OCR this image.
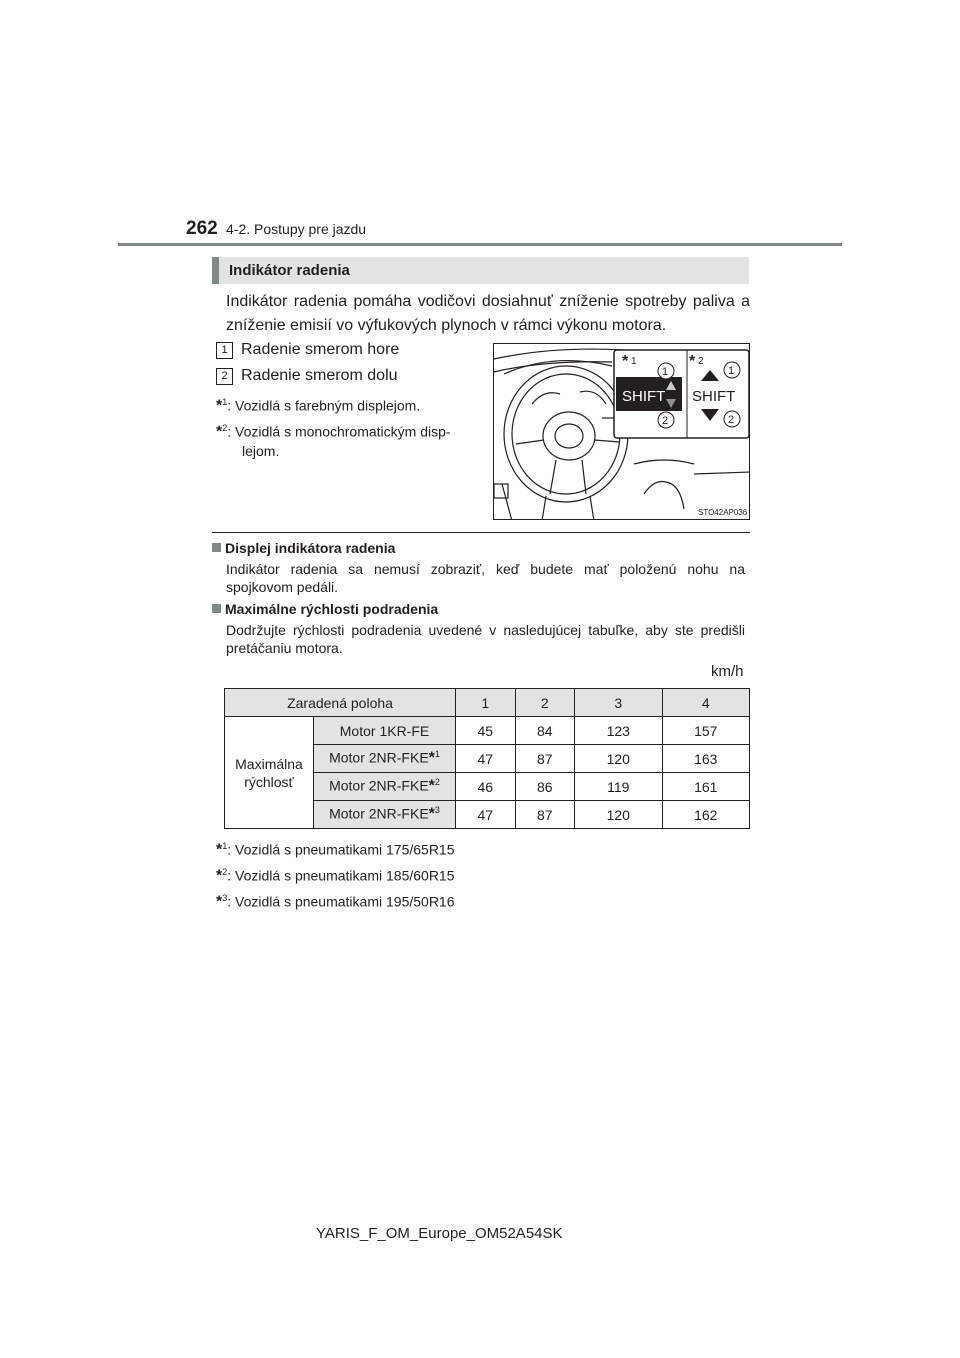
262 4-2. Postupy pre jazdu
Indikátor radenia
Indikátor radenia pomáha vodičovi dosiahnuť zníženie spotreby paliva a zníženie emisií vo výfukových plynoch v rámci výkonu motora.
1 Radenie smerom hore
2 Radenie smerom dolu
*$^1$: Vozidlá s farebným displejom.
*$^2$: Vozidlá s monochromatickým disp-
lejom.
* 1	* 2
SHIFT
1
2
SHIFT
1
2
STO42AP036
Displej indikátora radenia
Indikátor radenia sa nemusí zobraziť, keď budete mať položenú nohu na spojkovom pedáli.
Maximálne rýchlosti podradenia
Dodržujte rýchlosti podradenia uvedené v nasledujúcej tabuľke, aby ste predišli pretáčaniu motora.
km/h
Zaradená poloha		1	2	3	4

Maximálna
rýchlosť	Motor 1KR-FE	45	84	123	157
	Motor 2NR-FKE*$^1$	47	87	120	163
	Motor 2NR-FKE*$^2$	46	86	119	161
	Motor 2NR-FKE*$^3$	47	87	120	162
*$^1$: Vozidlá s pneumatikami 175/65R15
*$^2$: Vozidlá s pneumatikami 185/60R15
*$^3$: Vozidlá s pneumatikami 195/50R16
YARIS_F_OM_Europe_OM52A54SK
